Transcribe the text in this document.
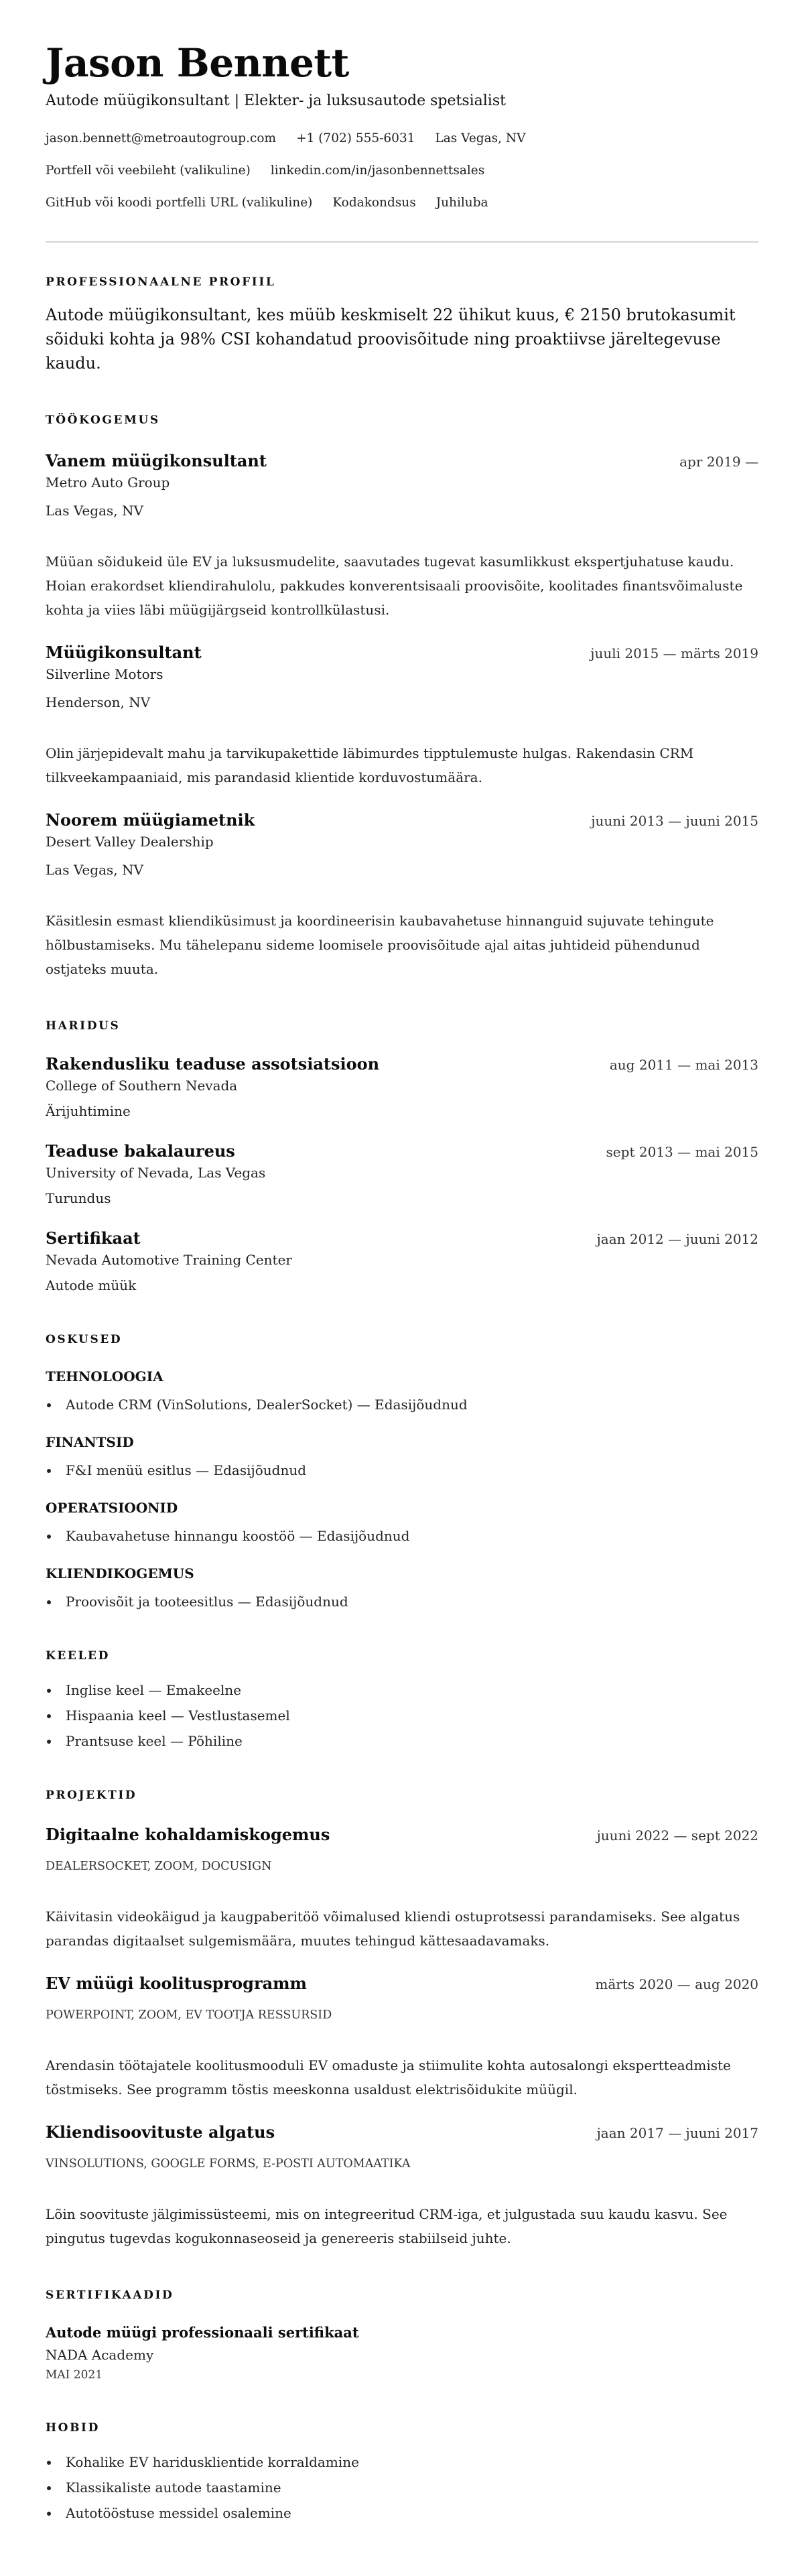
Jason Bennett
Autode müügikonsultant | Elekter- ja luksusautode spetsialist
jason.bennett@metroautogroup.com +1 (702) 555-6031 Las Vegas, NV
Portfell või veebileht (valikuline) linkedin.com/in/jasonbennettsales
GitHub või koodi portfelli URL (valikuline) Kodakondsus Juhiluba
PROFESSIONAALNE PROFIIL

Autode müügikonsultant, kes müüb keskmiselt 22 ühikut kuus, € 2150 brutokasumit sõiduki kohta ja 98% CSI kohandatud proovisõitude ning proaktiivse järeltegevuse kaudu.

TÖÖKOGEMUS
Vanem müügikonsultant	apr 2019 —
Metro Auto Group
Las Vegas, NV

Müüan sõidukeid üle EV ja luksusmudelite, saavutades tugevat kasumlikkust ekspertjuhatuse kaudu. Hoian erakordset kliendirahulolu, pakkudes konverentsisaali proovisõite, koolitades finantsvõimaluste kohta ja viies läbi müügijärgseid kontrollkülastusi.

Müügikonsultant	juuli 2015 — märts 2019
Silverline Motors
Henderson, NV

Olin järjepidevalt mahu ja tarvikupakettide läbimurdes tipptulemuste hulgas. Rakendasin CRM tilkveekampaaniaid, mis parandasid klientide korduvostumäära.

Noorem müügiametnik	juuni 2013 — juuni 2015
Desert Valley Dealership
Las Vegas, NV

Käsitlesin esmast kliendiküsimust ja koordineerisin kaubavahetuse hinnanguid sujuvate tehingute hõlbustamiseks. Mu tähelepanu sideme loomisele proovisõitude ajal aitas juhtideid pühendunud ostjateks muuta.

HARIDUS
Rakendusliku teaduse assotsiatsioon	aug 2011 — mai 2013
College of Southern Nevada
Ärijuhtimine
Teaduse bakalaureus	sept 2013 — mai 2015
University of Nevada, Las Vegas
Turundus
Sertifikaat	jaan 2012 — juuni 2012
Nevada Automotive Training Center
Autode müük
OSKUSED
TEHNOLOOGIA
Autode CRM (VinSolutions, DealerSocket) — Edasijõudnud
FINANTSID
F&I menüü esitlus — Edasijõudnud
OPERATSIOONID
Kaubavahetuse hinnangu koostöö — Edasijõudnud
KLIENDIKOGEMUS
Proovisõit ja tooteesitlus — Edasijõudnud
KEELED
Inglise keel — Emakeelne
Hispaania keel — Vestlustasemel
Prantsuse keel — Põhiline
PROJEKTID
Digitaalne kohaldamiskogemus	juuni 2022 — sept 2022
DEALERSOCKET, ZOOM, DOCUSIGN

Käivitasin videokäigud ja kaugpaberitöö võimalused kliendi ostuprotsessi parandamiseks. See algatus parandas digitaalset sulgemismäära, muutes tehingud kättesaadavamaks.

EV müügi koolitusprogramm	märts 2020 — aug 2020
POWERPOINT, ZOOM, EV TOOTJA RESSURSID

Arendasin töötajatele koolitusmooduli EV omaduste ja stiimulite kohta autosalongi ekspertteadmiste tõstmiseks. See programm tõstis meeskonna usaldust elektrisõidukite müügil.

Kliendisoovituste algatus	jaan 2017 — juuni 2017
VINSOLUTIONS, GOOGLE FORMS, E-POSTI AUTOMAATIKA

Lõin soovituste jälgimissüsteemi, mis on integreeritud CRM-iga, et julgustada suu kaudu kasvu. See pingutus tugevdas kogukonnaseoseid ja genereeris stabiilseid juhte.

SERTIFIKAADID
Autode müügi professionaali sertifikaat
NADA Academy
MAI 2021
HOBID
Kohalike EV haridusklientide korraldamine
Klassikaliste autode taastamine
Autotööstuse messidel osalemine
